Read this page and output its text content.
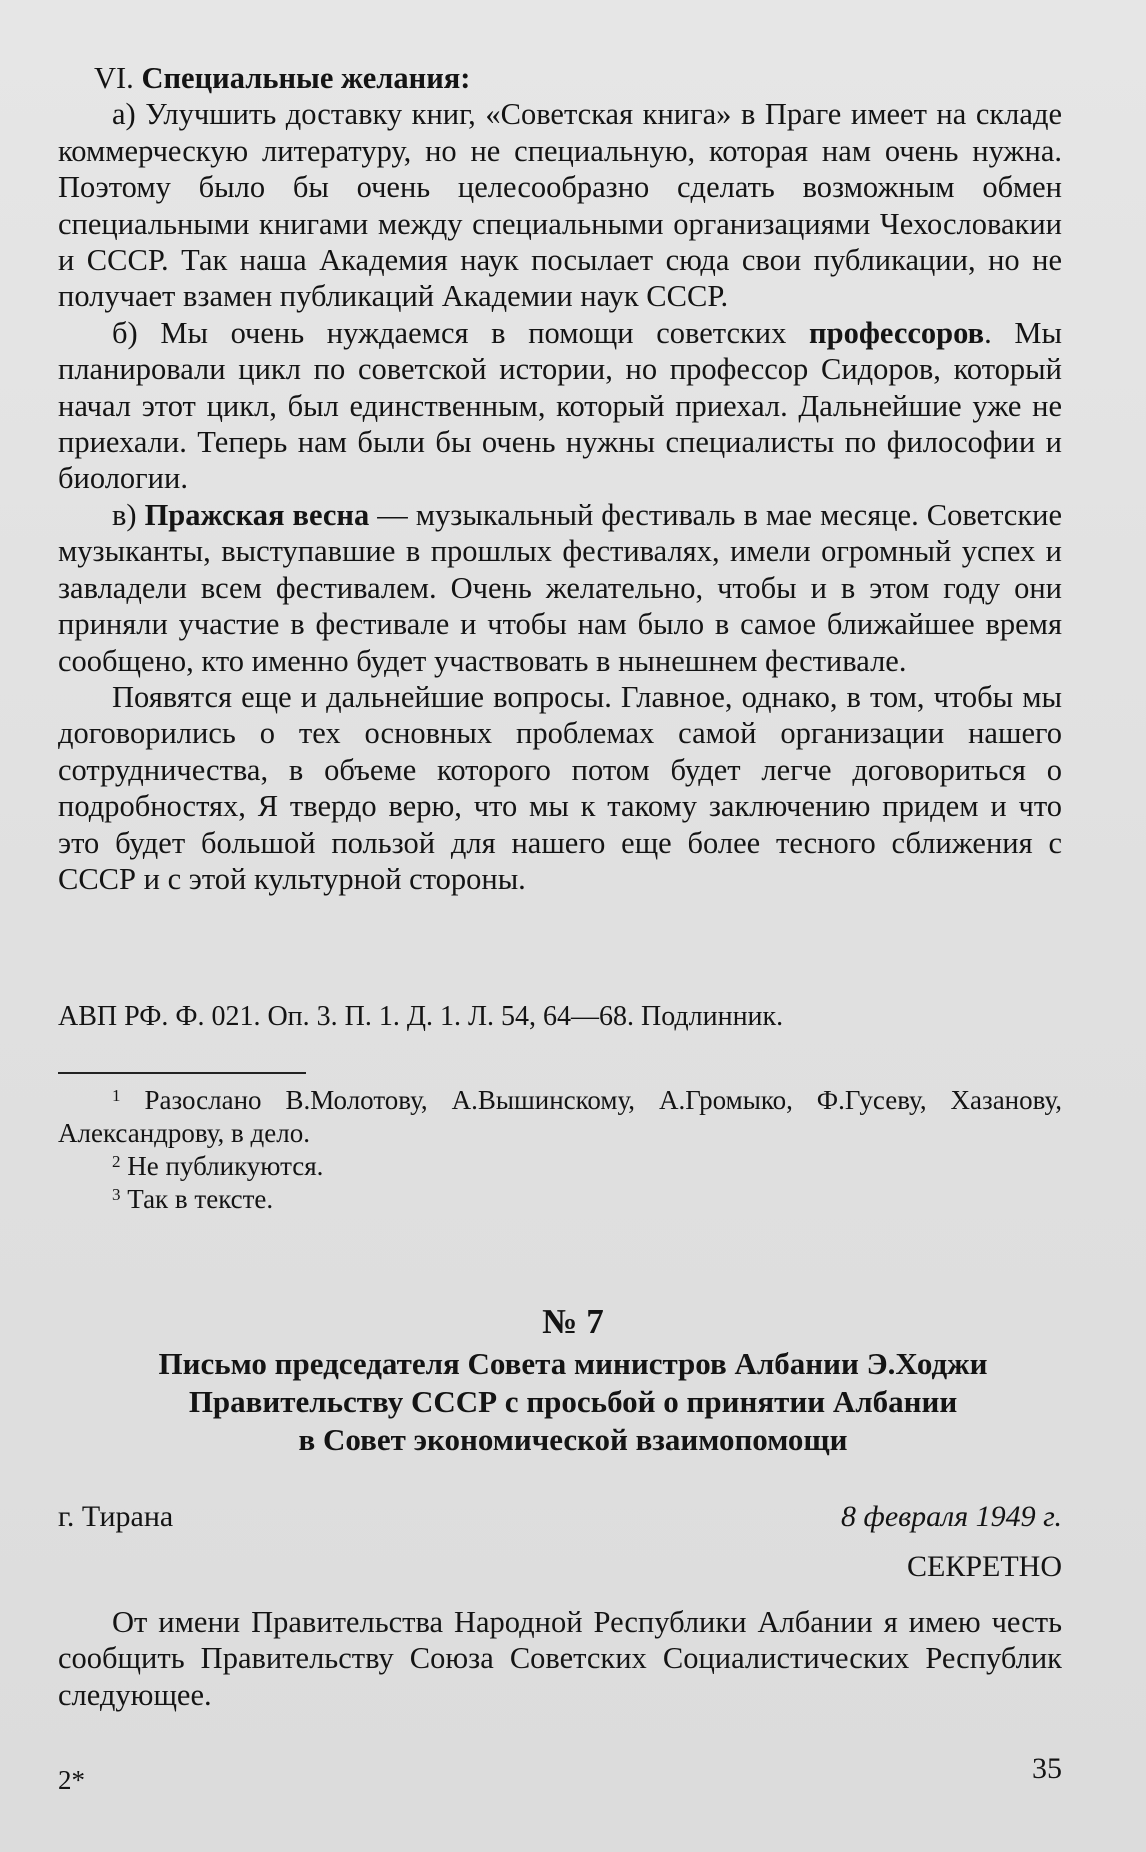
VI. Специальные желания:

а) Улучшить доставку книг, «Советская книга» в Праге имеет на складе коммерческую литературу, но не специальную, которая нам очень нужна. Поэтому было бы очень целесообразно сделать возможным обмен специальными книгами между специальными организациями Чехословакии и СССР. Так наша Академия наук посылает сюда свои публикации, но не получает взамен публикаций Академии наук СССР.

б) Мы очень нуждаемся в помощи советских профессоров. Мы планировали цикл по советской истории, но профессор Сидоров, который начал этот цикл, был единственным, который приехал. Дальнейшие уже не приехали. Теперь нам были бы очень нужны специалисты по философии и биологии.

в) Пражская весна — музыкальный фестиваль в мае месяце. Советские музыканты, выступавшие в прошлых фестивалях, имели огромный успех и завладели всем фестивалем. Очень желательно, чтобы и в этом году они приняли участие в фестивале и чтобы нам было в самое ближайшее время сообщено, кто именно будет участвовать в нынешнем фестивале.

Появятся еще и дальнейшие вопросы. Главное, однако, в том, чтобы мы договорились о тех основных проблемах самой организации нашего сотрудничества, в объеме которого потом будет легче договориться о подробностях, Я твердо верю, что мы к такому заключению придем и что это будет большой пользой для нашего еще более тесного сближения с СССР и с этой культурной стороны.

АВП РФ. Ф. 021. Оп. 3. П. 1. Д. 1. Л. 54, 64—68. Подлинник.

$^1$ Разослано В.Молотову, А.Вышинскому, А.Громыко, Ф.Гусеву, Хазанову, Александрову, в дело.

$^2$ Не публикуются.

$^3$ Так в тексте.

№ 7
Письмо председателя Совета министров Албании Э.Ходжи
Правительству СССР с просьбой о принятии Албании
в Совет экономической взаимопомощи
г. Тирана	8 февраля 1949 г.
СЕКРЕТНО

От имени Правительства Народной Республики Албании я имею честь сообщить Правительству Союза Советских Социалистических Республик следующее.

2*	35
